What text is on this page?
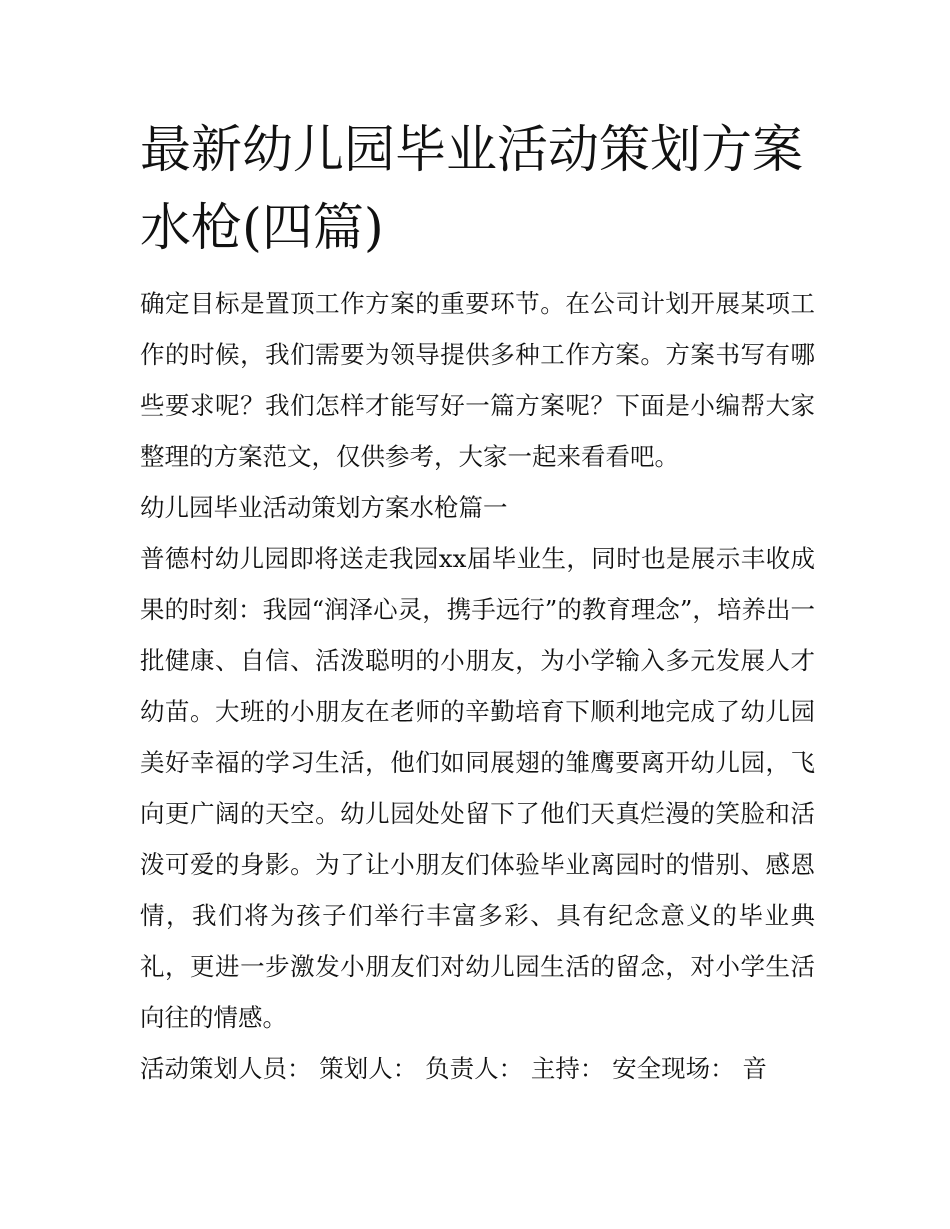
最新幼儿园毕业活动策划方案水枪(四篇)

确定目标是置顶工作方案的重要环节。在公司计划开展某项工作的时候，我们需要为领导提供多种工作方案。方案书写有哪些要求呢？我们怎样才能写好一篇方案呢？下面是小编帮大家整理的方案范文，仅供参考，大家一起来看看吧。

幼儿园毕业活动策划方案水枪篇一

普德村幼儿园即将送走我园xx届毕业生，同时也是展示丰收成果的时刻：我园“润泽心灵，携手远行”的教育理念”，培养出一批健康、自信、活泼聪明的小朋友，为小学输入多元发展人才幼苗。大班的小朋友在老师的辛勤培育下顺利地完成了幼儿园美好幸福的学习生活，他们如同展翅的雏鹰要离开幼儿园，飞向更广阔的天空。幼儿园处处留下了他们天真烂漫的笑脸和活泼可爱的身影。为了让小朋友们体验毕业离园时的惜别、感恩情，我们将为孩子们举行丰富多彩、具有纪念意义的毕业典礼，更进一步激发小朋友们对幼儿园生活的留念，对小学生活向往的情感。

活动策划人员： 策划人： 负责人： 主持： 安全现场： 音
